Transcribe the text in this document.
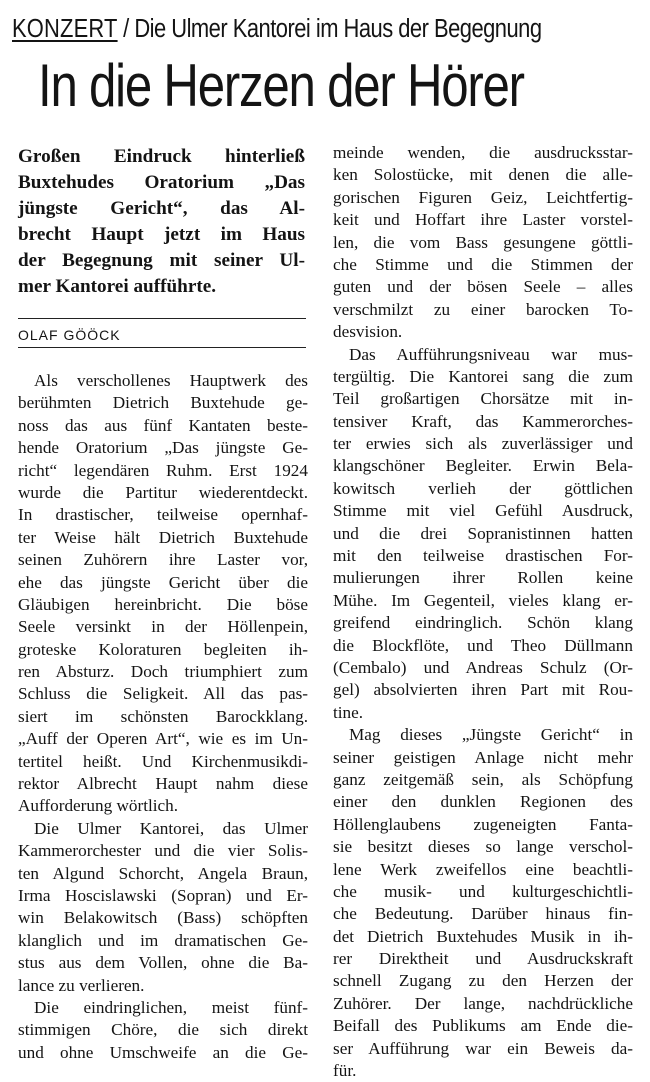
KONZERT / Die Ulmer Kantorei im Haus der Begegnung
In die Herzen der Hörer
Großen Eindruck hinterließ
Buxtehudes Oratorium „Das
jüngste Gericht“, das Al-
brecht Haupt jetzt im Haus
der Begegnung mit seiner Ul-
mer Kantorei aufführte.
OLAF GÖÖCK
Als verschollenes Hauptwerk des
berühmten Dietrich Buxtehude ge-
noss das aus fünf Kantaten beste-
hende Oratorium „Das jüngste Ge-
richt“ legendären Ruhm. Erst 1924
wurde die Partitur wiederentdeckt.
In drastischer, teilweise opernhaf-
ter Weise hält Dietrich Buxtehude
seinen Zuhörern ihre Laster vor,
ehe das jüngste Gericht über die
Gläubigen hereinbricht. Die böse
Seele versinkt in der Höllenpein,
groteske Koloraturen begleiten ih-
ren Absturz. Doch triumphiert zum
Schluss die Seligkeit. All das pas-
siert im schönsten Barockklang.
„Auff der Operen Art“, wie es im Un-
tertitel heißt. Und Kirchenmusikdi-
rektor Albrecht Haupt nahm diese
Aufforderung wörtlich.
Die Ulmer Kantorei, das Ulmer
Kammerorchester und die vier Solis-
ten Algund Schorcht, Angela Braun,
Irma Hoscislawski (Sopran) und Er-
win Belakowitsch (Bass) schöpften
klanglich und im dramatischen Ge-
stus aus dem Vollen, ohne die Ba-
lance zu verlieren.
Die eindringlichen, meist fünf-
stimmigen Chöre, die sich direkt
und ohne Umschweife an die Ge-
meinde wenden, die ausdrucksstar-
ken Solostücke, mit denen die alle-
gorischen Figuren Geiz, Leichtfertig-
keit und Hoffart ihre Laster vorstel-
len, die vom Bass gesungene göttli-
che Stimme und die Stimmen der
guten und der bösen Seele – alles
verschmilzt zu einer barocken To-
desvision.
Das Aufführungsniveau war mus-
tergültig. Die Kantorei sang die zum
Teil großartigen Chorsätze mit in-
tensiver Kraft, das Kammerorches-
ter erwies sich als zuverlässiger und
klangschöner Begleiter. Erwin Bela-
kowitsch verlieh der göttlichen
Stimme mit viel Gefühl Ausdruck,
und die drei Sopranistinnen hatten
mit den teilweise drastischen For-
mulierungen ihrer Rollen keine
Mühe. Im Gegenteil, vieles klang er-
greifend eindringlich. Schön klang
die Blockflöte, und Theo Düllmann
(Cembalo) und Andreas Schulz (Or-
gel) absolvierten ihren Part mit Rou-
tine.
Mag dieses „Jüngste Gericht“ in
seiner geistigen Anlage nicht mehr
ganz zeitgemäß sein, als Schöpfung
einer den dunklen Regionen des
Höllenglaubens zugeneigten Fanta-
sie besitzt dieses so lange verschol-
lene Werk zweifellos eine beachtli-
che musik- und kulturgeschichtli-
che Bedeutung. Darüber hinaus fin-
det Dietrich Buxtehudes Musik in ih-
rer Direktheit und Ausdruckskraft
schnell Zugang zu den Herzen der
Zuhörer. Der lange, nachdrückliche
Beifall des Publikums am Ende die-
ser Aufführung war ein Beweis da-
für.
